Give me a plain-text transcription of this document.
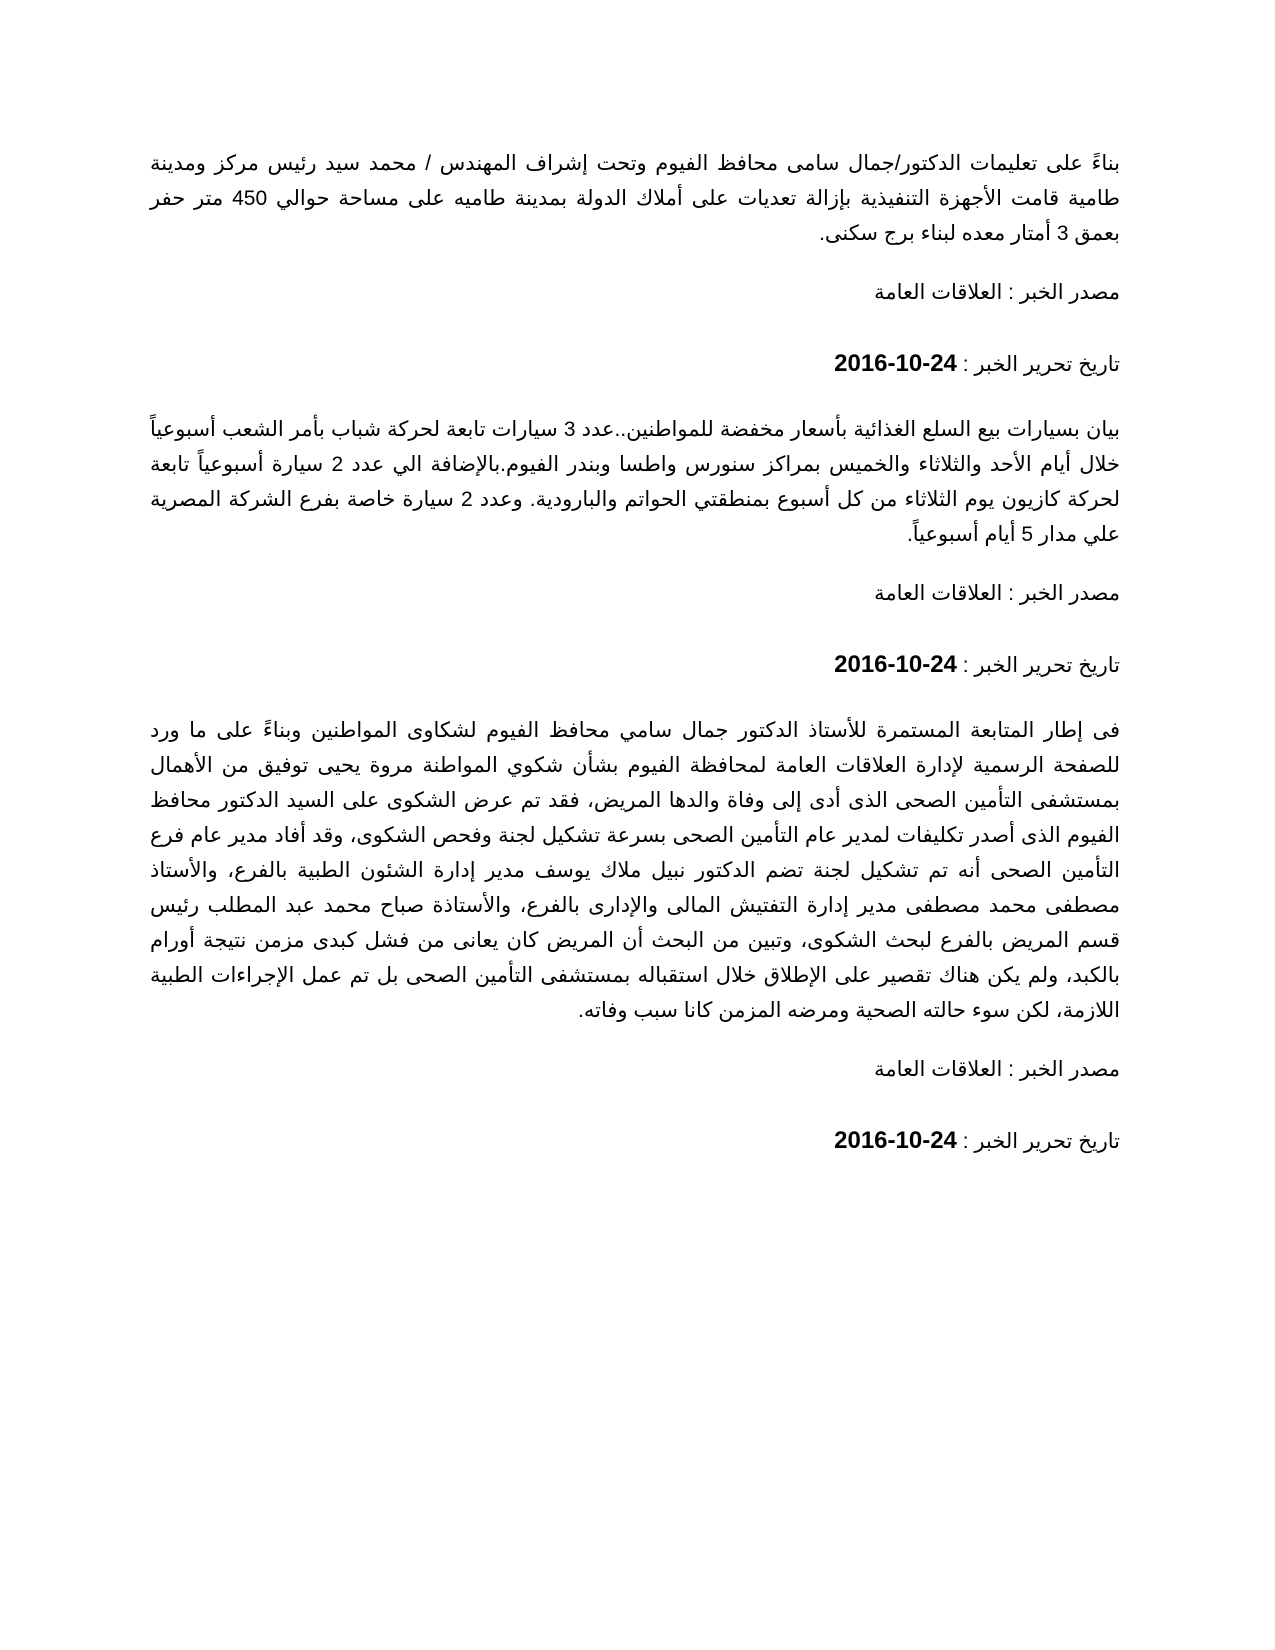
بناءً على تعليمات الدكتور/جمال سامى محافظ الفيوم وتحت إشراف المهندس / محمد سيد رئيس مركز ومدينة طامية قامت الأجهزة التنفيذية بإزالة تعديات على أملاك الدولة بمدينة طاميه على مساحة حوالي 450 متر حفر بعمق 3 أمتار معده لبناء برج سكنى.

مصدر الخبر : العلاقات العامة

تاريخ تحرير الخبر : 2016-10-24

بيان بسيارات بيع السلع الغذائية بأسعار مخفضة للمواطنين..عدد 3 سيارات تابعة لحركة شباب بأمر الشعب أسبوعياً خلال أيام الأحد والثلاثاء والخميس بمراكز سنورس واطسا وبندر الفيوم.بالإضافة الي عدد 2 سيارة أسبوعياً تابعة لحركة كازيون يوم الثلاثاء من كل أسبوع بمنطقتي الحواتم والبارودية. وعدد 2 سيارة خاصة بفرع الشركة المصرية علي مدار 5 أيام أسبوعياً.

مصدر الخبر : العلاقات العامة

تاريخ تحرير الخبر : 2016-10-24

فى إطار المتابعة المستمرة للأستاذ الدكتور جمال سامي محافظ الفيوم لشكاوى المواطنين وبناءً على ما ورد للصفحة الرسمية لإدارة العلاقات العامة لمحافظة الفيوم بشأن شكوي المواطنة مروة يحيى توفيق من الأهمال بمستشفى التأمين الصحى الذى أدى إلى وفاة والدها المريض، فقد تم عرض الشكوى على السيد الدكتور محافظ الفيوم الذى أصدر تكليفات لمدير عام التأمين الصحى بسرعة تشكيل لجنة وفحص الشكوى، وقد أفاد مدير عام فرع التأمين الصحى أنه تم تشكيل لجنة تضم الدكتور نبيل ملاك يوسف مدير إدارة الشئون الطبية بالفرع، والأستاذ مصطفى محمد مصطفى مدير إدارة التفتيش المالى والإدارى بالفرع، والأستاذة صباح محمد عبد المطلب رئيس قسم المريض بالفرع لبحث الشكوى، وتبين من البحث أن المريض كان يعانى من فشل كبدى مزمن نتيجة أورام بالكبد، ولم يكن هناك تقصير على الإطلاق خلال استقباله بمستشفى التأمين الصحى بل تم عمل الإجراءات الطبية اللازمة، لكن سوء حالته الصحية ومرضه المزمن كانا سبب وفاته.

مصدر الخبر : العلاقات العامة

تاريخ تحرير الخبر : 2016-10-24
